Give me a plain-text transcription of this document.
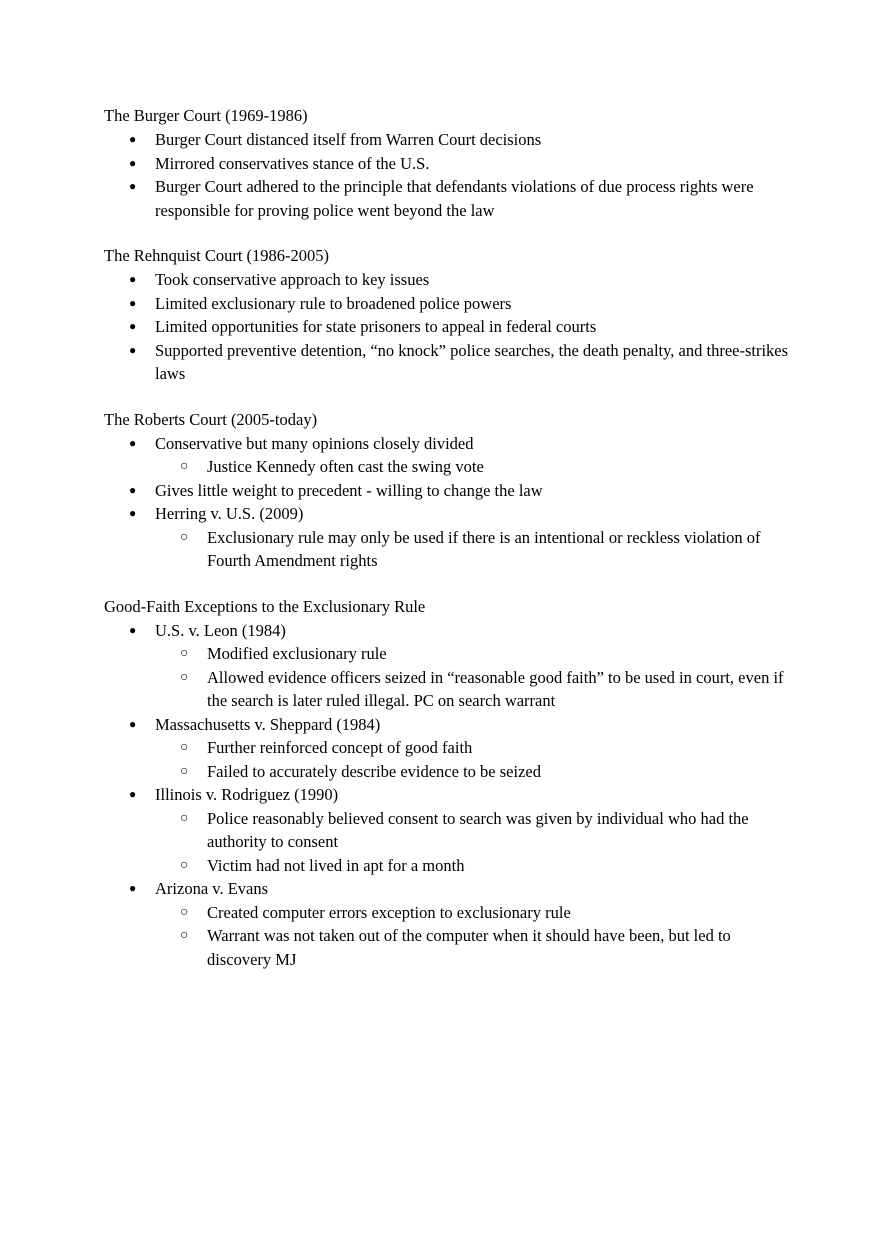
The Burger Court (1969-1986)

● Burger Court distanced itself from Warren Court decisions
● Mirrored conservatives stance of the U.S.
● Burger Court adhered to the principle that defendants violations of due process rights were responsible for proving police went beyond the law

The Rehnquist Court (1986-2005)

● Took conservative approach to key issues
● Limited exclusionary rule to broadened police powers
● Limited opportunities for state prisoners to appeal in federal courts
● Supported preventive detention, “no knock” police searches, the death penalty, and three-strikes laws

The Roberts Court (2005-today)

● Conservative but many opinions closely divided
○ Justice Kennedy often cast the swing vote
● Gives little weight to precedent - willing to change the law
● Herring v. U.S. (2009)
○ Exclusionary rule may only be used if there is an intentional or reckless violation of Fourth Amendment rights

Good-Faith Exceptions to the Exclusionary Rule

● U.S. v. Leon (1984)
○ Modified exclusionary rule
○ Allowed evidence officers seized in “reasonable good faith” to be used in court, even if the search is later ruled illegal. PC on search warrant
● Massachusetts v. Sheppard (1984)
○ Further reinforced concept of good faith
○ Failed to accurately describe evidence to be seized
● Illinois v. Rodriguez (1990)
○ Police reasonably believed consent to search was given by individual who had the authority to consent
○ Victim had not lived in apt for a month
● Arizona v. Evans
○ Created computer errors exception to exclusionary rule
○ Warrant was not taken out of the computer when it should have been, but led to discovery MJ
